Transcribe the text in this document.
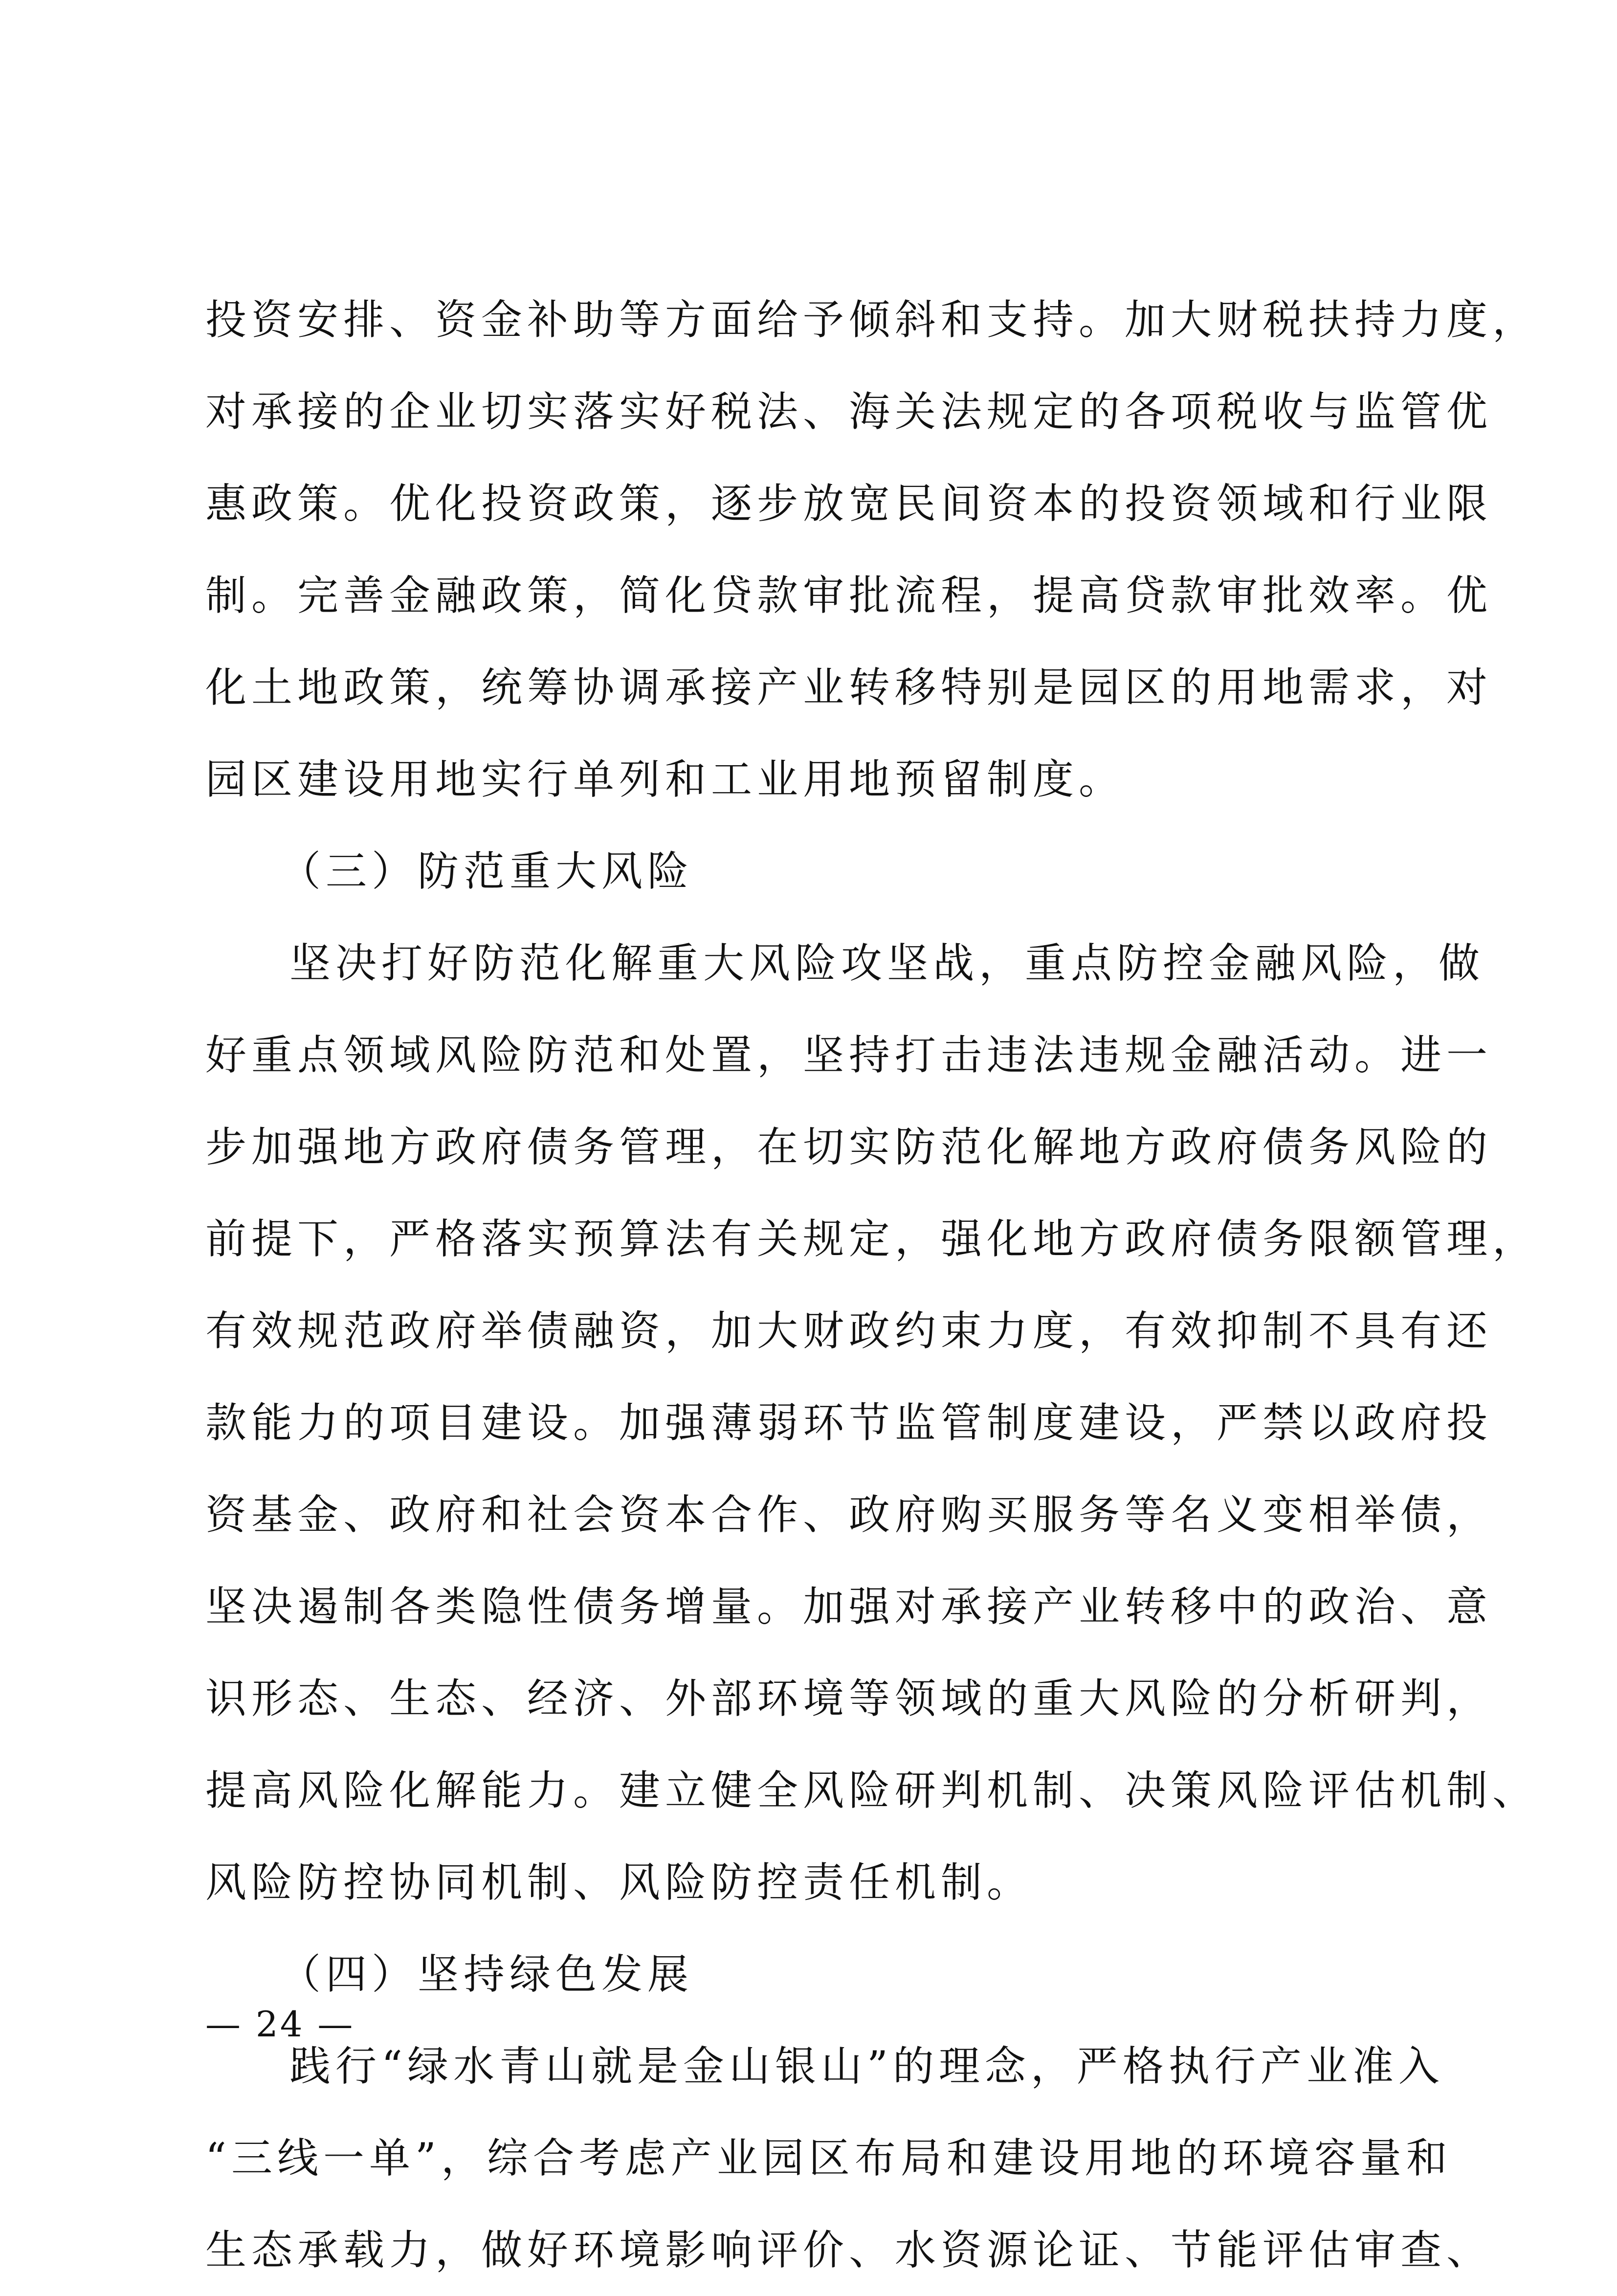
投资安排、资金补助等方面给予倾斜和支持。加大财税扶持力度，
对承接的企业切实落实好税法、海关法规定的各项税收与监管优
惠政策。优化投资政策，逐步放宽民间资本的投资领域和行业限
制。完善金融政策，简化贷款审批流程，提高贷款审批效率。优
化土地政策，统筹协调承接产业转移特别是园区的用地需求，对
园区建设用地实行单列和工业用地预留制度。
（三）防范重大风险
坚决打好防范化解重大风险攻坚战，重点防控金融风险，做
好重点领域风险防范和处置，坚持打击违法违规金融活动。进一
步加强地方政府债务管理，在切实防范化解地方政府债务风险的
前提下，严格落实预算法有关规定，强化地方政府债务限额管理，
有效规范政府举债融资，加大财政约束力度，有效抑制不具有还
款能力的项目建设。加强薄弱环节监管制度建设，严禁以政府投
资基金、政府和社会资本合作、政府购买服务等名义变相举债，
坚决遏制各类隐性债务增量。加强对承接产业转移中的政治、意
识形态、生态、经济、外部环境等领域的重大风险的分析研判，
提高风险化解能力。建立健全风险研判机制、决策风险评估机制、
风险防控协同机制、风险防控责任机制。
（四）坚持绿色发展
践行“绿水青山就是金山银山”的理念，严格执行产业准入
“三线一单”，综合考虑产业园区布局和建设用地的环境容量和
生态承载力，做好环境影响评价、水资源论证、节能评估审查、
— 24 —
